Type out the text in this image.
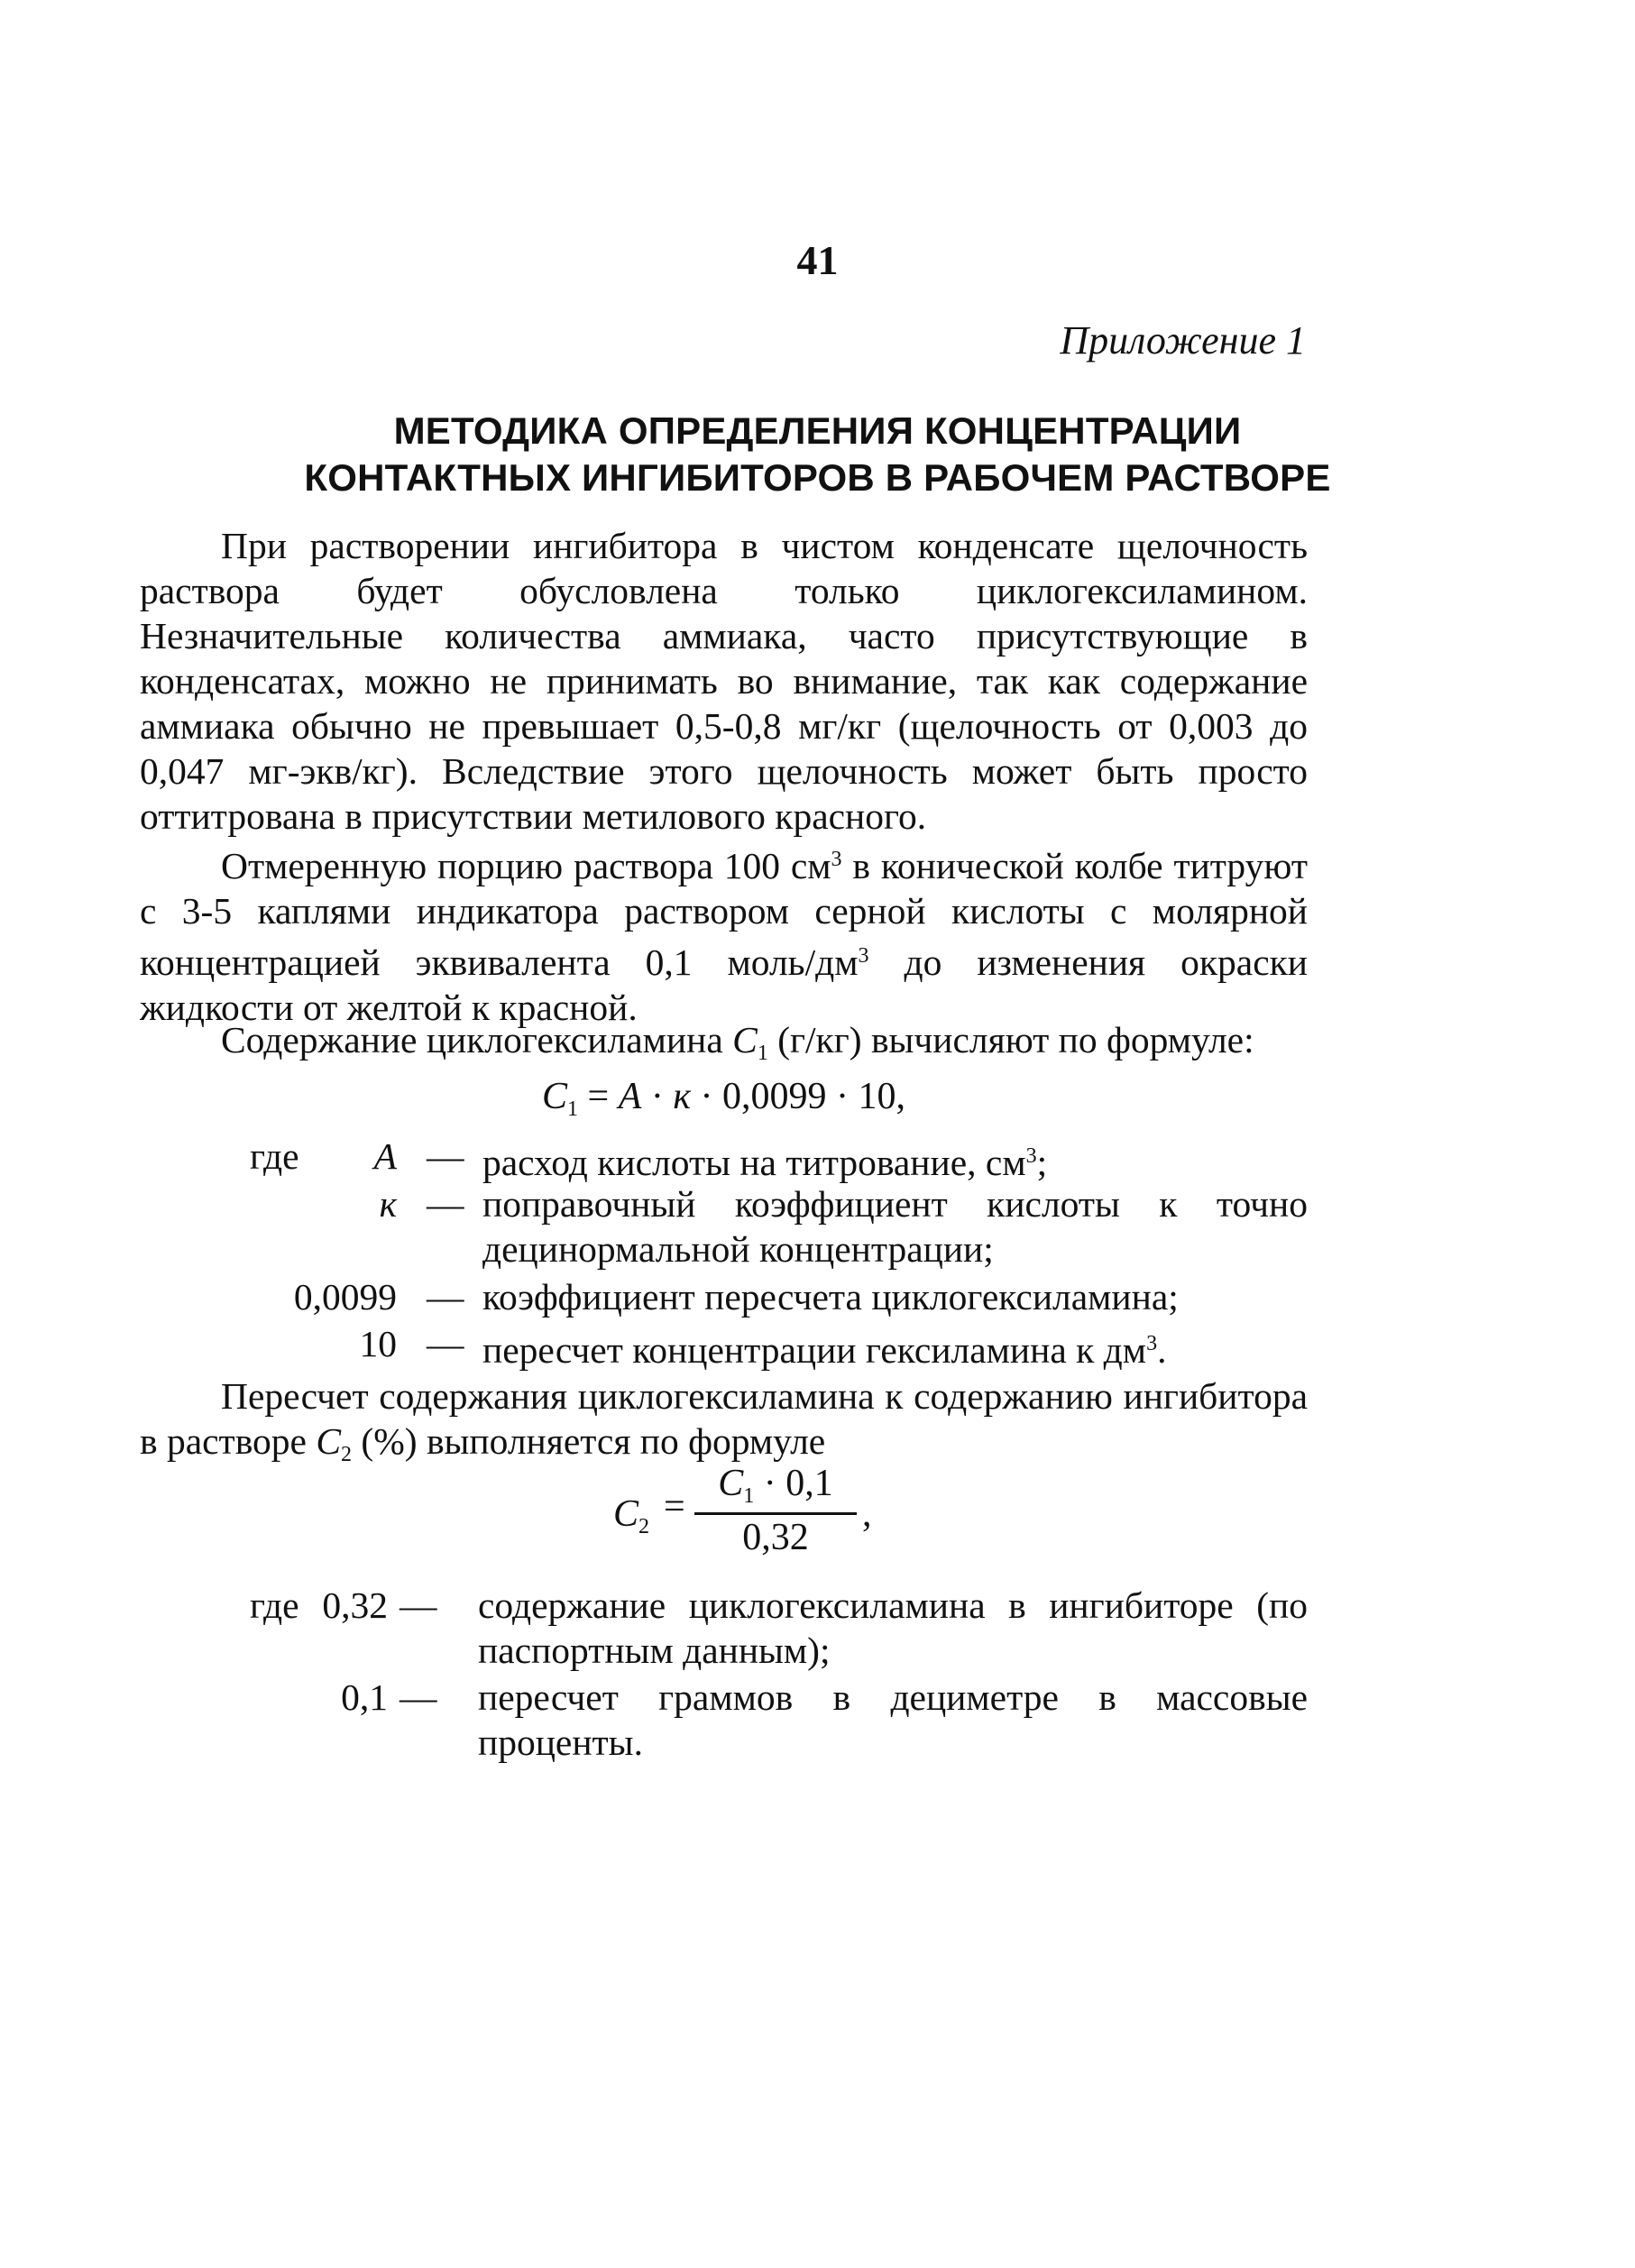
41
Приложение 1
МЕТОДИКА ОПРЕДЕЛЕНИЯ КОНЦЕНТРАЦИИ
КОНТАКТНЫХ ИНГИБИТОРОВ В РАБОЧЕМ РАСТВОРЕ

При растворении ингибитора в чистом конденсате щелочность раствора будет обусловлена только циклогексиламином. Незначительные количества аммиака, часто присутствующие в конденсатах, можно не принимать во внимание, так как содержание аммиака обычно не превышает 0,5-0,8 мг/кг (щелочность от 0,003 до 0,047 мг-экв/кг). Вследствие этого щелочность может быть просто оттитрована в присутствии метилового красного.

Отмеренную порцию раствора 100 $см^3$ в конической колбе титруют с 3-5 каплями индикатора раствором серной кислоты с молярной концентрацией эквивалента 0,1 моль/$дм^3$ до изменения окраски жидкости от желтой к красной.

Содержание циклогексиламина $C_1$ (г/кг) вычисляют по формуле:

$C_1 = A \cdot к \cdot 0,0099 \cdot 10$,
где	A — расход кислоты на титрование, $см^3$;
к — поправочный коэффициент кислоты к точно децинормальной концентрации;
0,0099 — коэффициент пересчета циклогексиламина;
10 — пересчет концентрации гексиламина к $дм^3$.

Пересчет содержания циклогексиламина к содержанию ингибитора в растворе $C_2$ (%) выполняется по формуле

$C_2$ =
$C_1 \cdot 0,1$
0,32
,
где 0,32 — содержание циклогексиламина в ингибиторе (по паспортным данным);
0,1 — пересчет граммов в дециметре в массовые проценты.
